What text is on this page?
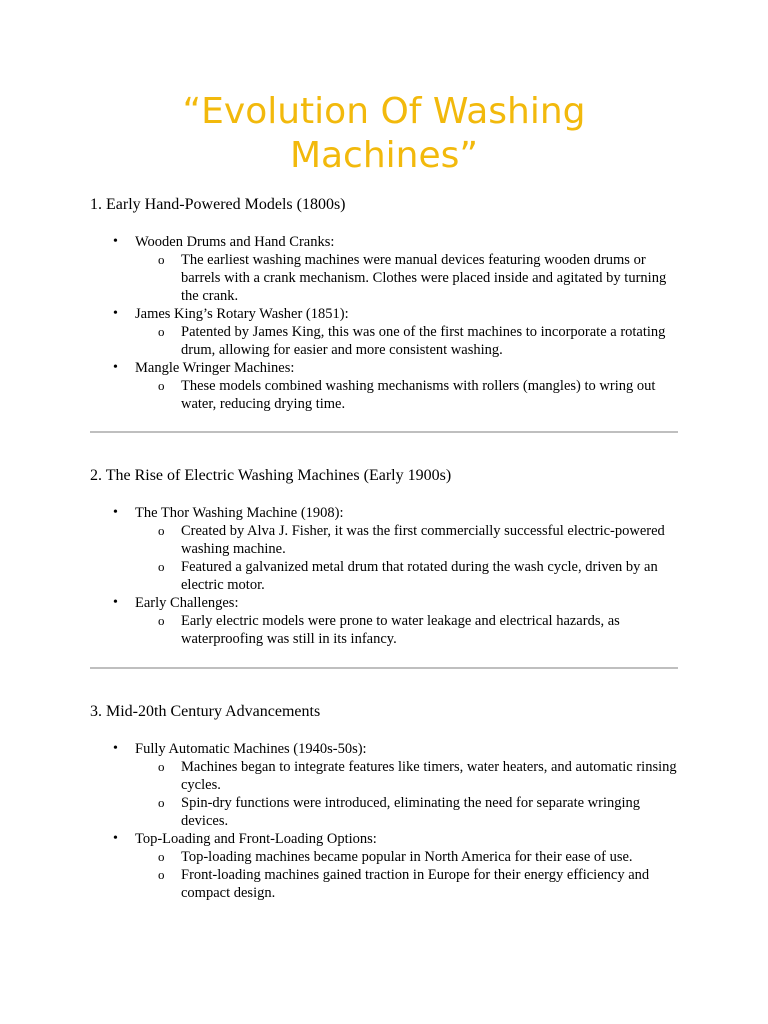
“Evolution Of Washing Machines”

1. Early Hand-Powered Models (1800s)

• Wooden Drums and Hand Cranks:
o The earliest washing machines were manual devices featuring wooden drums or barrels with a crank mechanism. Clothes were placed inside and agitated by turning the crank.
• James King’s Rotary Washer (1851):
o Patented by James King, this was one of the first machines to incorporate a rotating drum, allowing for easier and more consistent washing.
• Mangle Wringer Machines:
o These models combined washing mechanisms with rollers (mangles) to wring out water, reducing drying time.

2. The Rise of Electric Washing Machines (Early 1900s)

• The Thor Washing Machine (1908):
o Created by Alva J. Fisher, it was the first commercially successful electric-powered washing machine.
o Featured a galvanized metal drum that rotated during the wash cycle, driven by an electric motor.
• Early Challenges:
o Early electric models were prone to water leakage and electrical hazards, as waterproofing was still in its infancy.

3. Mid-20th Century Advancements

• Fully Automatic Machines (1940s-50s):
o Machines began to integrate features like timers, water heaters, and automatic rinsing cycles.
o Spin-dry functions were introduced, eliminating the need for separate wringing devices.
• Top-Loading and Front-Loading Options:
o Top-loading machines became popular in North America for their ease of use.
o Front-loading machines gained traction in Europe for their energy efficiency and compact design.
